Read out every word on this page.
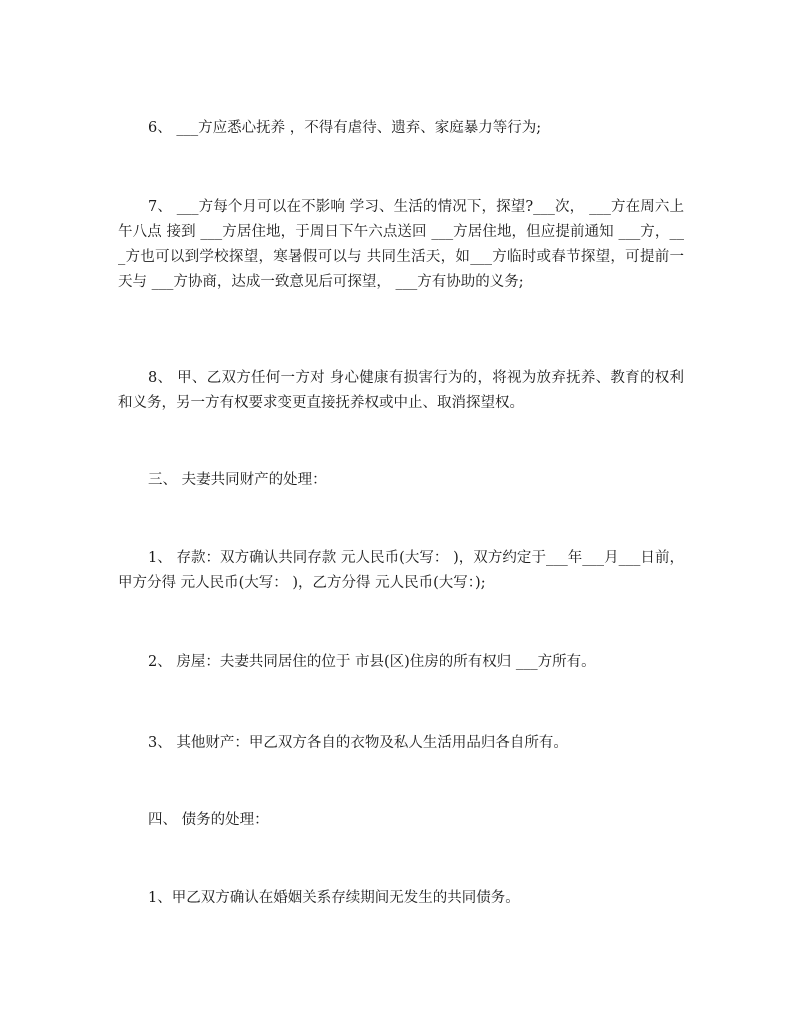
6、 ___方应悉心抚养 ，不得有虐待、遗弃、家庭暴力等行为;

7、 ___方每个月可以在不影响 学习、生活的情况下，探望?___次， ___方在周六上午八点 接到 ___方居住地，于周日下午六点送回 ___方居住地，但应提前通知 ___方，___方也可以到学校探望，寒暑假可以与 共同生活天，如___方临时或春节探望，可提前一天与 ___方协商，达成一致意见后可探望， ___方有协助的义务;

8、 甲、乙双方任何一方对 身心健康有损害行为的，将视为放弃抚养、教育的权利和义务，另一方有权要求变更直接抚养权或中止、取消探望权。

三、 夫妻共同财产的处理：

1、 存款：双方确认共同存款 元人民币(大写： )，双方约定于___年___月___日前，甲方分得 元人民币(大写： )，乙方分得 元人民币(大写：);

2、 房屋：夫妻共同居住的位于 市县(区)住房的所有权归 ___方所有。

3、 其他财产：甲乙双方各自的衣物及私人生活用品归各自所有。

四、 债务的处理：

1、甲乙双方确认在婚姻关系存续期间无发生的共同债务。
